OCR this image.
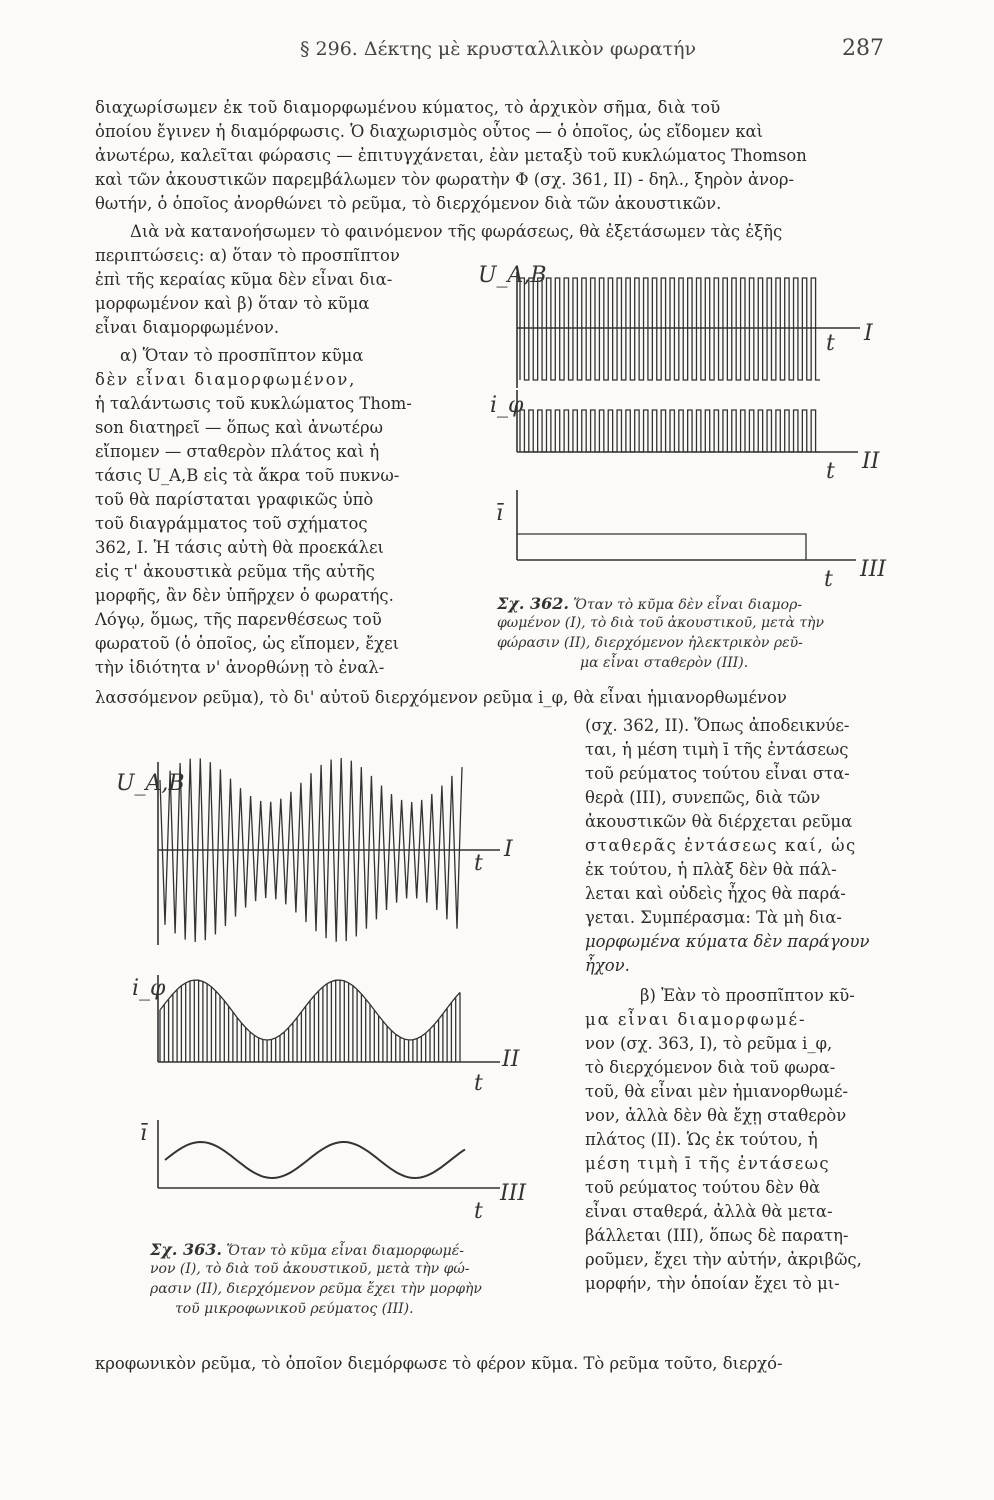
§ 296. Δέκτης μὲ κρυσταλλικὸν φωρατήν	287
διαχωρίσωμεν ἐκ τοῦ διαμορφωμένου κύματος, τὸ ἀρχικὸν σῆμα, διὰ τοῦ
ὁποίου ἔγινεν ἡ διαμόρφωσις. Ὁ διαχωρισμὸς οὗτος — ὁ ὁποῖος, ὡς εἴδομεν καὶ
ἀνωτέρω, καλεῖται φώρασις — ἐπιτυγχάνεται, ἐὰν μεταξὺ τοῦ κυκλώματος Thomson
καὶ τῶν ἀκουστικῶν παρεμβάλωμεν τὸν φωρατὴν Φ (σχ. 361, II) - δηλ., ξηρὸν ἀνορ-
θωτήν, ὁ ὁποῖος ἀνορθώνει τὸ ρεῦμα, τὸ διερχόμενον διὰ τῶν ἀκουστικῶν.
Διὰ νὰ κατανοήσωμεν τὸ φαινόμενον τῆς φωράσεως, θὰ ἐξετάσωμεν τὰς ἑξῆς
περιπτώσεις: α) ὅταν τὸ προσπῖπτον
ἐπὶ τῆς κεραίας κῦμα δὲν εἶναι δια-
μορφωμένον καὶ β) ὅταν τὸ κῦμα
εἶναι διαμορφωμένον.
α) Ὅταν τὸ προσπῖπτον κῦμα
δὲν εἶναι διαμορφωμένον,
ἡ ταλάντωσις τοῦ κυκλώματος Thom-
son διατηρεῖ — ὅπως καὶ ἀνωτέρω
εἴπομεν — σταθερὸν πλάτος καὶ ἡ
τάσις U_A,B εἰς τὰ ἄκρα τοῦ πυκνω-
τοῦ θὰ παρίσταται γραφικῶς ὑπὸ
τοῦ διαγράμματος τοῦ σχήματος
362, I. Ἡ τάσις αὐτὴ θὰ προεκάλει
εἰς τ' ἀκουστικὰ ρεῦμα τῆς αὐτῆς
μορφῆς, ἂν δὲν ὑπῆρχεν ὁ φωρατής.
Λόγῳ, ὅμως, τῆς παρενθέσεως τοῦ
φωρατοῦ (ὁ ὁποῖος, ὡς εἴπομεν, ἔχει
τὴν ἰδιότητα ν' ἀνορθώνῃ τὸ ἐναλ-
λασσόμενον ρεῦμα), τὸ δι' αὐτοῦ διερχόμενον ρεῦμα i_φ, θὰ εἶναι ἡμιανορθωμένον
U_A,B
t I
i_φ
t II
ī
t III
Σχ. 362. Ὅταν τὸ κῦμα δὲν εἶναι διαμορ-
φωμένον (I), τὸ διὰ τοῦ ἀκουστικοῦ, μετὰ τὴν
φώρασιν (II), διερχόμενον ἠλεκτρικὸν ρεῦ-
μα εἶναι σταθερὸν (III).
U_A,B
t
I
i_φ
t
II
ī
t
III
Σχ. 363. Ὅταν τὸ κῦμα εἶναι διαμορφωμέ-
νον (I), τὸ διὰ τοῦ ἀκουστικοῦ, μετὰ τὴν φώ-
ρασιν (II), διερχόμενον ρεῦμα ἔχει τὴν μορφὴν
τοῦ μικροφωνικοῦ ρεύματος (III).
(σχ. 362, II). Ὅπως ἀποδεικνύε-
ται, ἡ μέση τιμὴ ī τῆς ἐντάσεως
τοῦ ρεύματος τούτου εἶναι στα-
θερὰ (III), συνεπῶς, διὰ τῶν
ἀκουστικῶν θὰ διέρχεται ρεῦμα
σταθερᾶς ἐντάσεως καί, ὡς
ἐκ τούτου, ἡ πλὰξ δὲν θὰ πάλ-
λεται καὶ οὐδεὶς ἦχος θὰ παρά-
γεται. Συμπέρασμα: Τὰ μὴ δια-
μορφωμένα κύματα δὲν παράγουν
ἦχον.
β) Ἐὰν τὸ προσπῖπτον κῦ-
μα εἶναι διαμορφωμέ-
νον (σχ. 363, I), τὸ ρεῦμα i_φ,
τὸ διερχόμενον διὰ τοῦ φωρα-
τοῦ, θὰ εἶναι μὲν ἡμιανορθωμέ-
νον, ἀλλὰ δὲν θὰ ἔχῃ σταθερὸν
πλάτος (II). Ὡς ἐκ τούτου, ἡ
μέση τιμὴ ī τῆς ἐντάσεως
τοῦ ρεύματος τούτου δὲν θὰ
εἶναι σταθερά, ἀλλὰ θὰ μετα-
βάλλεται (III), ὅπως δὲ παρατη-
ροῦμεν, ἔχει τὴν αὐτήν, ἀκριβῶς,
μορφήν, τὴν ὁποίαν ἔχει τὸ μι-
κροφωνικὸν ρεῦμα, τὸ ὁποῖον διεμόρφωσε τὸ φέρον κῦμα. Τὸ ρεῦμα τοῦτο, διερχό-
